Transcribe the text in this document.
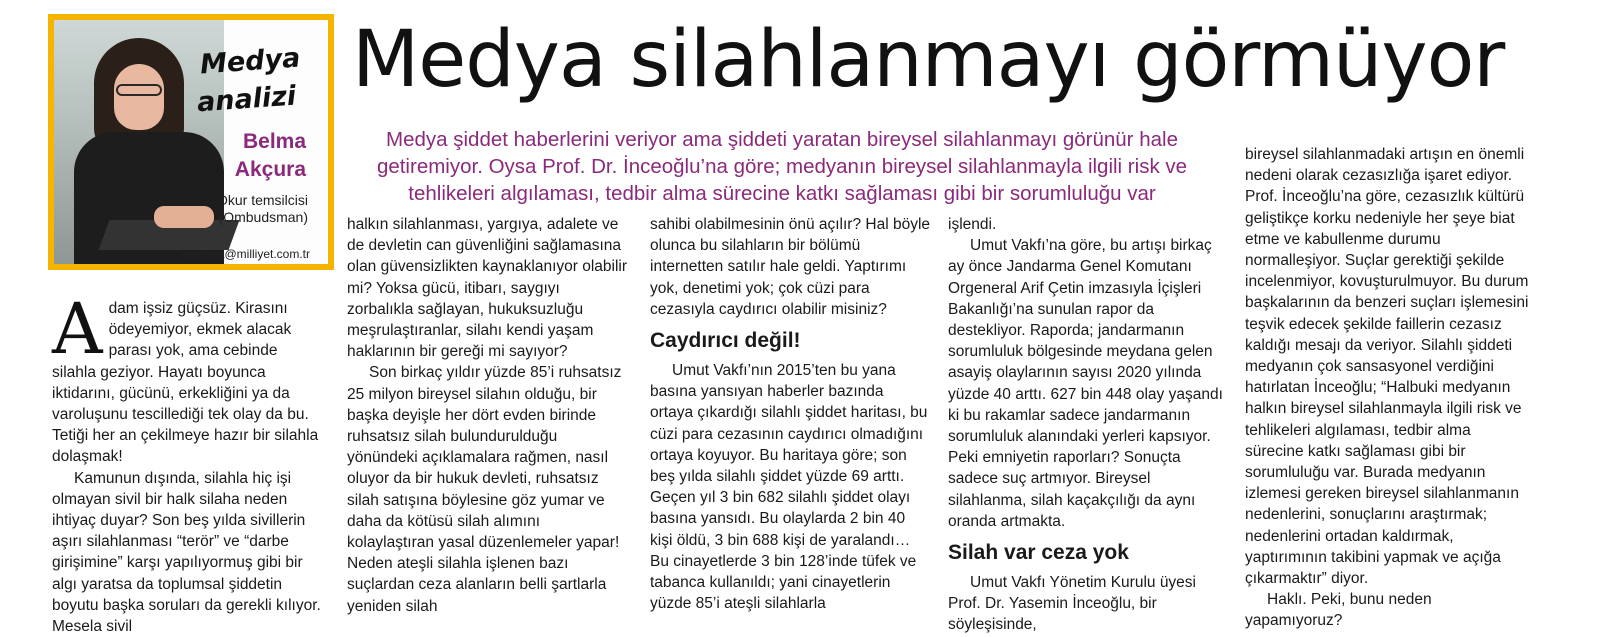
Medya
analizi
Belma
Akçura
Okur temsilcisi
(Ombudsman)
bakcura@milliyet.com.tr
Medya silahlanmayı görmüyor
Medya şiddet haberlerini veriyor ama şiddeti yaratan bireysel silahlanmayı görünür hale getiremiyor. Oysa Prof. Dr. İnceoğlu’na göre; medyanın bireysel silahlanmayla ilgili risk ve tehlikeleri algılaması, tedbir alma sürecine katkı sağlaması gibi bir sorumluluğu var

Adam işsiz güçsüz. Kirasını ödeyemiyor, ekmek alacak parası yok, ama cebinde silahla geziyor. Hayatı boyunca iktidarını, gücünü, erkekliğini ya da varoluşunu tescillediği tek olay da bu. Tetiği her an çekilmeye hazır bir silahla dolaşmak!

Kamunun dışında, silahla hiç işi olmayan sivil bir halk silaha neden ihtiyaç duyar? Son beş yılda sivillerin aşırı silahlanması “terör” ve “darbe girişimine” karşı yapılıyormuş gibi bir algı yaratsa da toplumsal şiddetin boyutu başka soruları da gerekli kılıyor. Mesela sivil

halkın silahlanması, yargıya, adalete ve de devletin can güvenliğini sağlamasına olan güvensizlikten kaynaklanıyor olabilir mi? Yoksa gücü, itibarı, saygıyı zorbalıkla sağlayan, hukuksuzluğu meşrulaştıranlar, silahı kendi yaşam haklarının bir gereği mi sayıyor?

Son birkaç yıldır yüzde 85’i ruhsatsız 25 milyon bireysel silahın olduğu, bir başka deyişle her dört evden birinde ruhsatsız silah bulundurulduğu yönündeki açıklamalara rağmen, nasıl oluyor da bir hukuk devleti, ruhsatsız silah satışına böylesine göz yumar ve daha da kötüsü silah alımını kolaylaştıran yasal düzenlemeler yapar! Neden ateşli silahla işlenen bazı suçlardan ceza alanların belli şartlarla yeniden silah

sahibi olabilmesinin önü açılır? Hal böyle olunca bu silahların bir bölümü internetten satılır hale geldi. Yaptırımı yok, denetimi yok; çok cüzi para cezasıyla caydırıcı olabilir misiniz?

Caydırıcı değil!

Umut Vakfı’nın 2015’ten bu yana basına yansıyan haberler bazında ortaya çıkardığı silahlı şiddet haritası, bu cüzi para cezasının caydırıcı olmadığını ortaya koyuyor. Bu haritaya göre; son beş yılda silahlı şiddet yüzde 69 arttı. Geçen yıl 3 bin 682 silahlı şiddet olayı basına yansıdı. Bu olaylarda 2 bin 40 kişi öldü, 3 bin 688 kişi de yaralandı… Bu cinayetlerde 3 bin 128’inde tüfek ve tabanca kullanıldı; yani cinayetlerin yüzde 85’i ateşli silahlarla

işlendi.

Umut Vakfı’na göre, bu artışı birkaç ay önce Jandarma Genel Komutanı Orgeneral Arif Çetin imzasıyla İçişleri Bakanlığı’na sunulan rapor da destekliyor. Raporda; jandarmanın sorumluluk bölgesinde meydana gelen asayiş olaylarının sayısı 2020 yılında yüzde 40 arttı. 627 bin 448 olay yaşandı ki bu rakamlar sadece jandarmanın sorumluluk alanındaki yerleri kapsıyor. Peki emniyetin raporları? Sonuçta sadece suç artmıyor. Bireysel silahlanma, silah kaçakçılığı da aynı oranda artmakta.

Silah var ceza yok

Umut Vakfı Yönetim Kurulu üyesi Prof. Dr. Yasemin İnceoğlu, bir söyleşisinde,

bireysel silahlanmadaki artışın en önemli nedeni olarak cezasızlığa işaret ediyor. Prof. İnceoğlu’na göre, cezasızlık kültürü geliştikçe korku nedeniyle her şeye biat etme ve kabullenme durumu normalleşiyor. Suçlar gerektiği şekilde incelenmiyor, kovuşturulmuyor. Bu durum başkalarının da benzeri suçları işlemesini teşvik edecek şekilde faillerin cezasız kaldığı mesajı da veriyor. Silahlı şiddeti medyanın çok sansasyonel verdiğini hatırlatan İnceoğlu; “Halbuki medyanın halkın bireysel silahlanmayla ilgili risk ve tehlikeleri algılaması, tedbir alma sürecine katkı sağlaması gibi bir sorumluluğu var. Burada medyanın izlemesi gereken bireysel silahlanmanın nedenlerini, sonuçlarını araştırmak; nedenlerini ortadan kaldırmak, yaptırımının takibini yapmak ve açığa çıkarmaktır” diyor.

Haklı. Peki, bunu neden yapamıyoruz?
